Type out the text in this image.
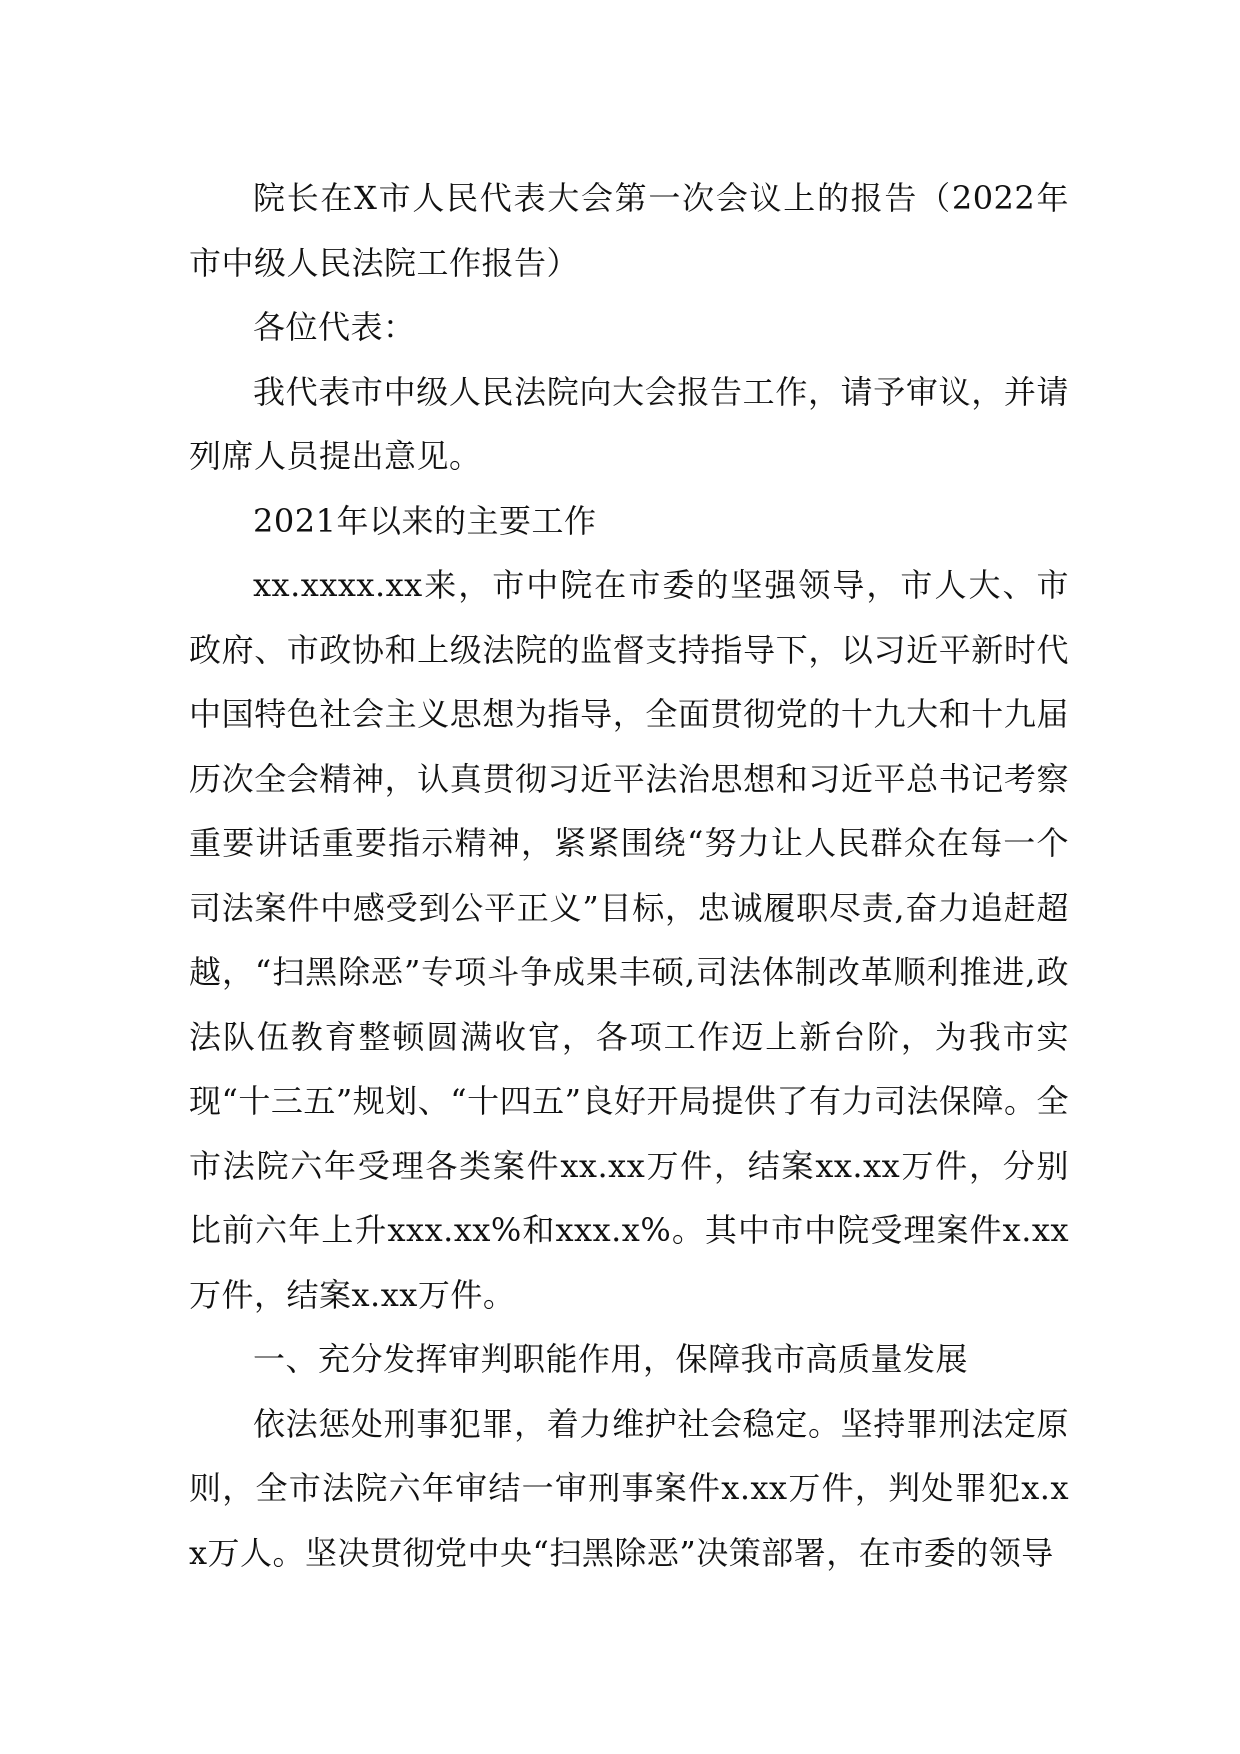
院长在X市人民代表大会第一次会议上的报告（2022年市中级人民法院工作报告）

各位代表：

我代表市中级人民法院向大会报告工作，请予审议，并请列席人员提出意见。

2021年以来的主要工作

xx.xxxx.xx来，市中院在市委的坚强领导，市人大、市政府、市政协和上级法院的监督支持指导下，以习近平新时代中国特色社会主义思想为指导，全面贯彻党的十九大和十九届历次全会精神，认真贯彻习近平法治思想和习近平总书记考察重要讲话重要指示精神，紧紧围绕“努力让人民群众在每一个司法案件中感受到公平正义”目标，忠诚履职尽责,奋力追赶超越，“扫黑除恶”专项斗争成果丰硕,司法体制改革顺利推进,政法队伍教育整顿圆满收官，各项工作迈上新台阶，为我市实现“十三五”规划、“十四五”良好开局提供了有力司法保障。全市法院六年受理各类案件xx.xx万件，结案xx.xx万件，分别比前六年上升xxx.xx%和xxx.x%。其中市中院受理案件x.xx万件，结案x.xx万件。

一、充分发挥审判职能作用，保障我市高质量发展

依法惩处刑事犯罪，着力维护社会稳定。坚持罪刑法定原则，全市法院六年审结一审刑事案件x.xx万件，判处罪犯x.xx万人。坚决贯彻党中央“扫黑除恶”决策部署，在市委的领导
